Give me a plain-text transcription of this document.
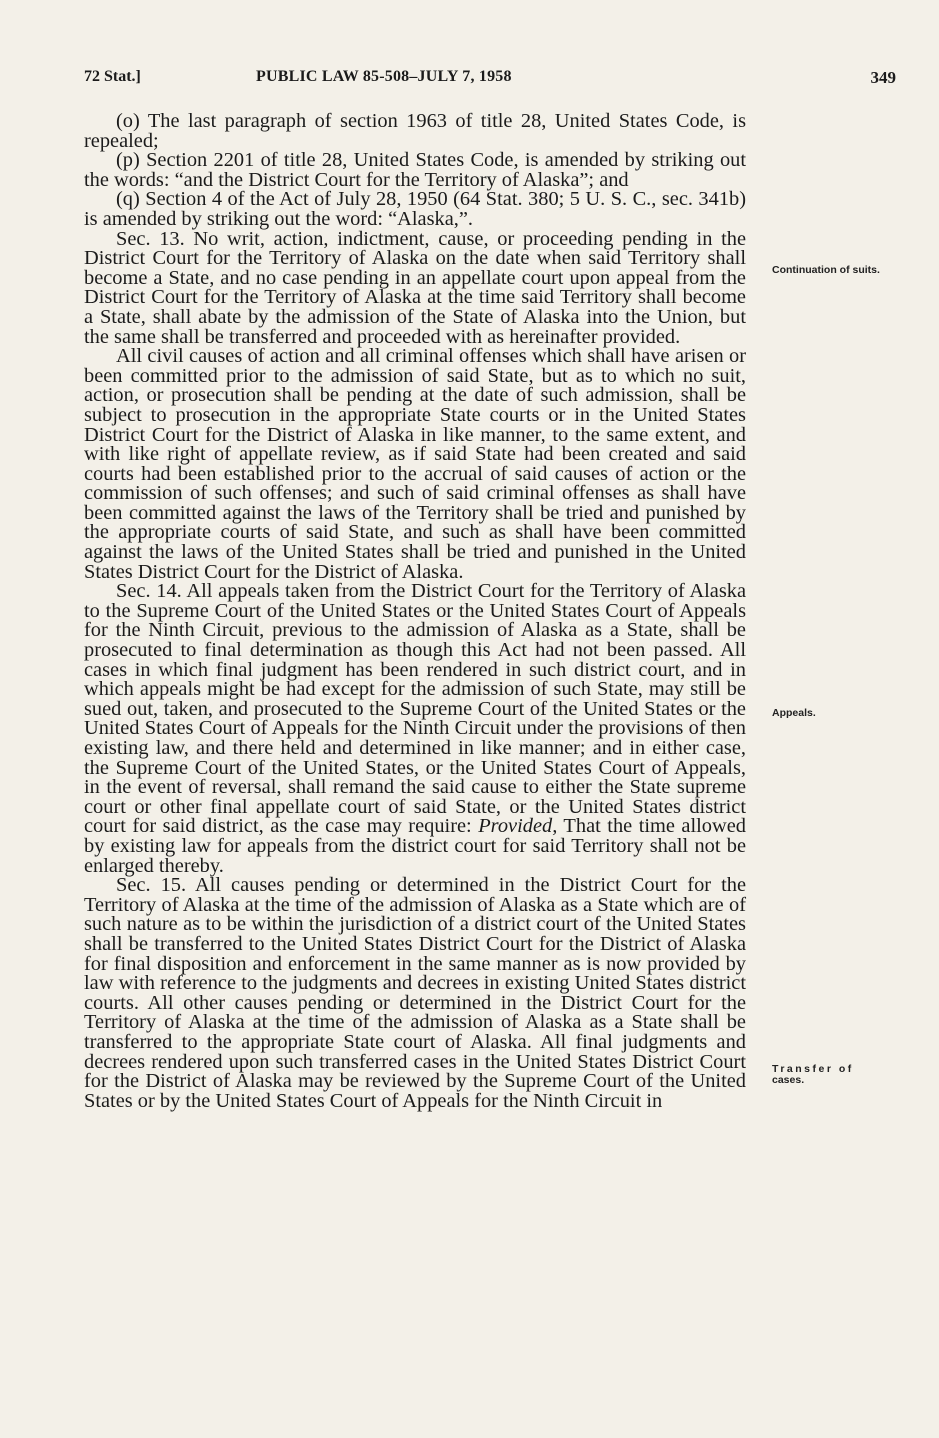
72 Stat.]	PUBLIC LAW 85-508–JULY 7, 1958	349

(o) The last paragraph of section 1963 of title 28, United States Code, is repealed;

(p) Section 2201 of title 28, United States Code, is amended by striking out the words: “and the District Court for the Territory of Alaska”; and

(q) Section 4 of the Act of July 28, 1950 (64 Stat. 380; 5 U. S. C., sec. 341b) is amended by striking out the word: “Alaska,”.

Sec. 13. No writ, action, indictment, cause, or proceeding pending in the District Court for the Territory of Alaska on the date when said Territory shall become a State, and no case pending in an appellate court upon appeal from the District Court for the Territory of Alaska at the time said Territory shall become a State, shall abate by the admission of the State of Alaska into the Union, but the same shall be transferred and proceeded with as hereinafter provided.

All civil causes of action and all criminal offenses which shall have arisen or been committed prior to the admission of said State, but as to which no suit, action, or prosecution shall be pending at the date of such admission, shall be subject to prosecution in the appropriate State courts or in the United States District Court for the District of Alaska in like manner, to the same extent, and with like right of appellate review, as if said State had been created and said courts had been established prior to the accrual of said causes of action or the commission of such offenses; and such of said criminal offenses as shall have been committed against the laws of the Territory shall be tried and punished by the appropriate courts of said State, and such as shall have been committed against the laws of the United States shall be tried and punished in the United States District Court for the District of Alaska.

Sec. 14. All appeals taken from the District Court for the Territory of Alaska to the Supreme Court of the United States or the United States Court of Appeals for the Ninth Circuit, previous to the admission of Alaska as a State, shall be prosecuted to final determination as though this Act had not been passed. All cases in which final judgment has been rendered in such district court, and in which appeals might be had except for the admission of such State, may still be sued out, taken, and prosecuted to the Supreme Court of the United States or the United States Court of Appeals for the Ninth Circuit under the provisions of then existing law, and there held and determined in like manner; and in either case, the Supreme Court of the United States, or the United States Court of Appeals, in the event of reversal, shall remand the said cause to either the State supreme court or other final appellate court of said State, or the United States district court for said district, as the case may require: Provided, That the time allowed by existing law for appeals from the district court for said Territory shall not be enlarged thereby.

Sec. 15. All causes pending or determined in the District Court for the Territory of Alaska at the time of the admission of Alaska as a State which are of such nature as to be within the jurisdiction of a district court of the United States shall be transferred to the United States District Court for the District of Alaska for final disposition and enforcement in the same manner as is now provided by law with reference to the judgments and decrees in existing United States district courts. All other causes pending or determined in the District Court for the Territory of Alaska at the time of the admission of Alaska as a State shall be transferred to the appropriate State court of Alaska. All final judgments and decrees rendered upon such transferred cases in the United States District Court for the District of Alaska may be reviewed by the Supreme Court of the United States or by the United States Court of Appeals for the Ninth Circuit in

Continuation of suits.
Appeals.
Transfer of
cases.
